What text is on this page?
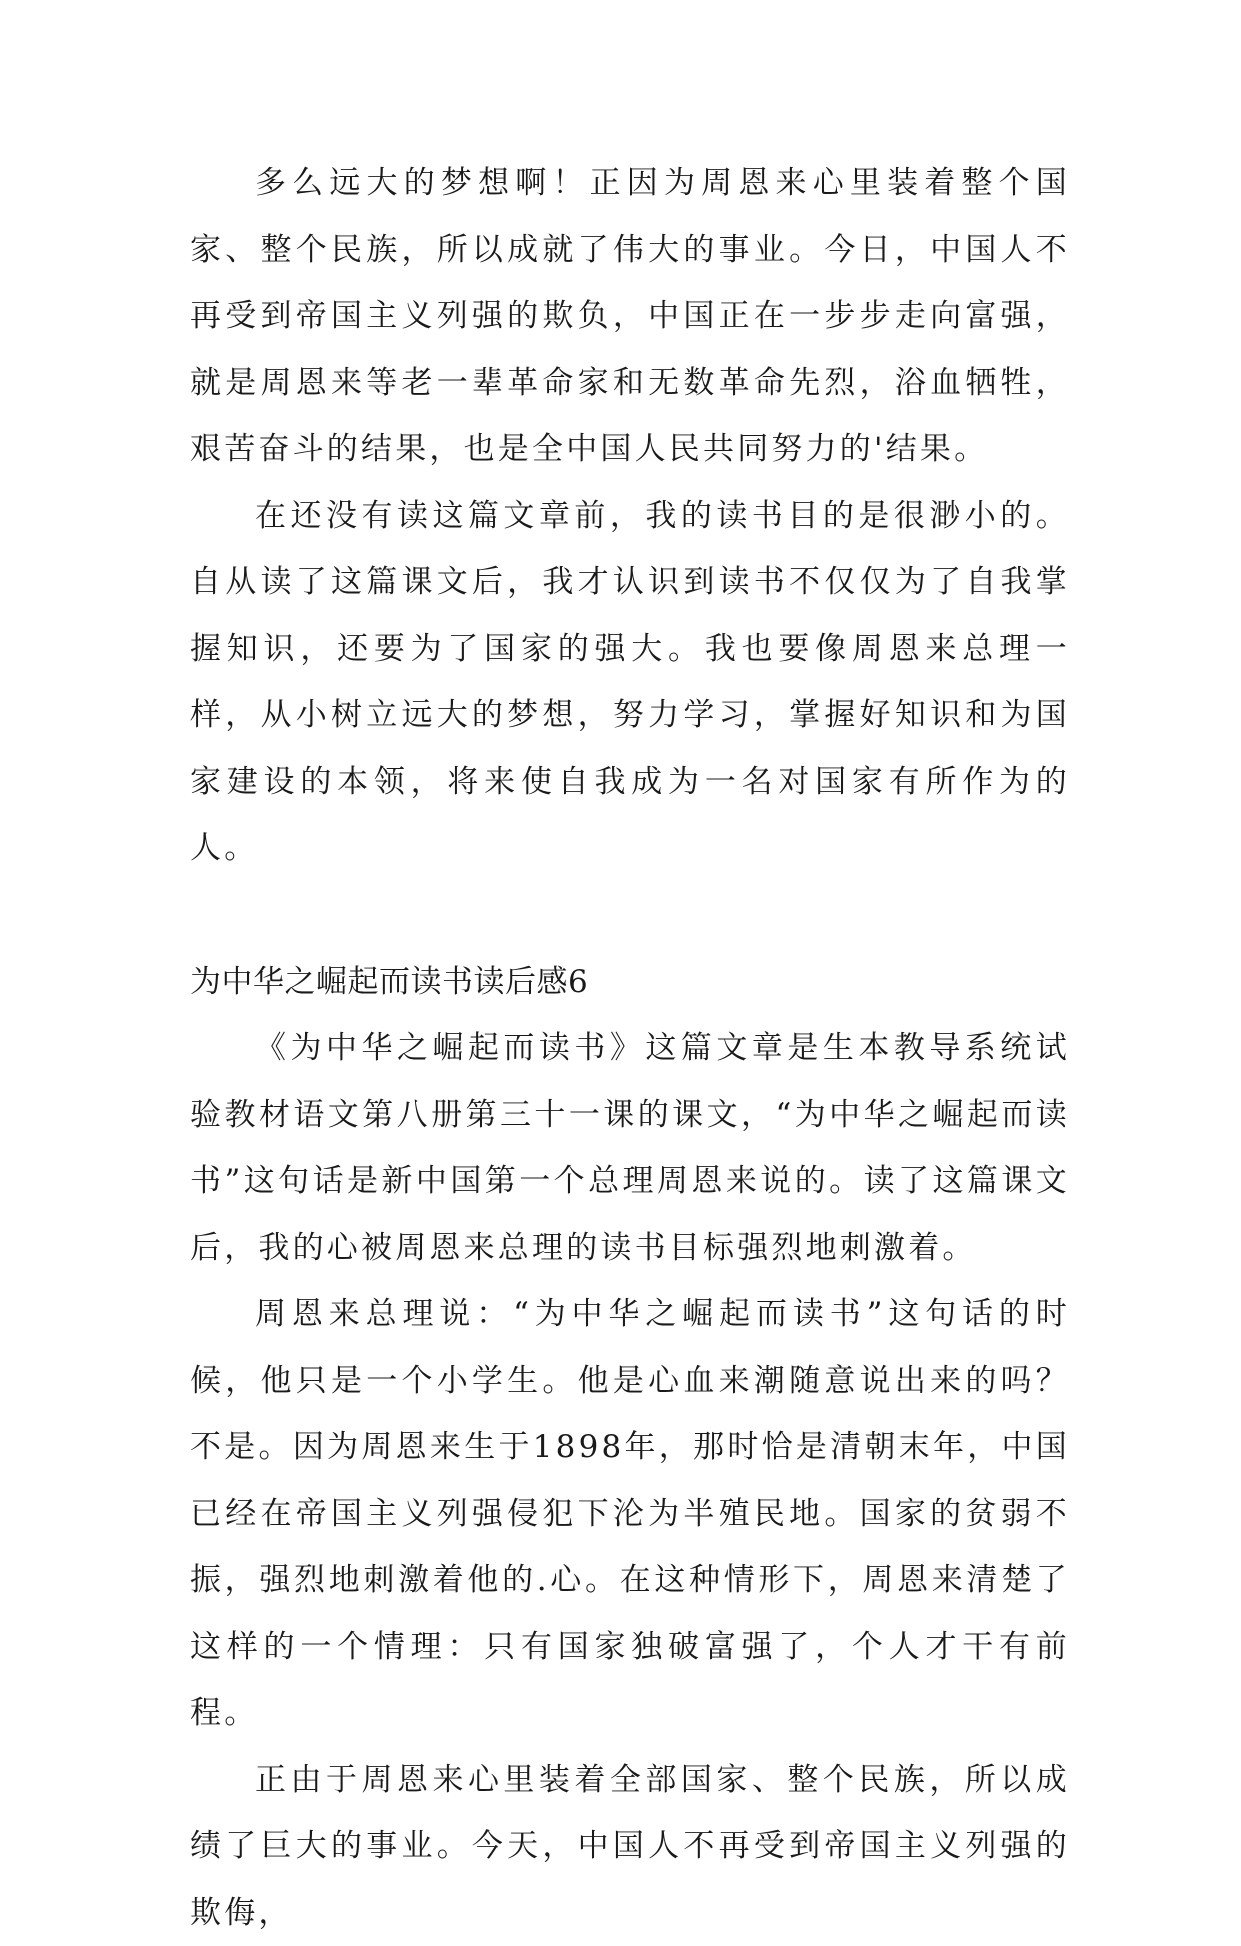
多么远大的梦想啊！正因为周恩来心里装着整个国家、整个民族，所以成就了伟大的事业。今日，中国人不再受到帝国主义列强的欺负，中国正在一步步走向富强，就是周恩来等老一辈革命家和无数革命先烈，浴血牺牲，艰苦奋斗的结果，也是全中国人民共同努力的'结果。

在还没有读这篇文章前，我的读书目的是很渺小的。自从读了这篇课文后，我才认识到读书不仅仅为了自我掌握知识，还要为了国家的强大。我也要像周恩来总理一样，从小树立远大的梦想，努力学习，掌握好知识和为国家建设的本领，将来使自我成为一名对国家有所作为的人。

为中华之崛起而读书读后感6

《为中华之崛起而读书》这篇文章是生本教导系统试验教材语文第八册第三十一课的课文，“为中华之崛起而读书”这句话是新中国第一个总理周恩来说的。读了这篇课文后，我的心被周恩来总理的读书目标强烈地刺激着。

周恩来总理说：“为中华之崛起而读书”这句话的时候，他只是一个小学生。他是心血来潮随意说出来的吗？不是。因为周恩来生于1898年，那时恰是清朝末年，中国已经在帝国主义列强侵犯下沦为半殖民地。国家的贫弱不振，强烈地刺激着他的.心。在这种情形下，周恩来清楚了这样的一个情理：只有国家独破富强了，个人才干有前程。

正由于周恩来心里装着全部国家、整个民族，所以成绩了巨大的事业。今天，中国人不再受到帝国主义列强的欺侮，
